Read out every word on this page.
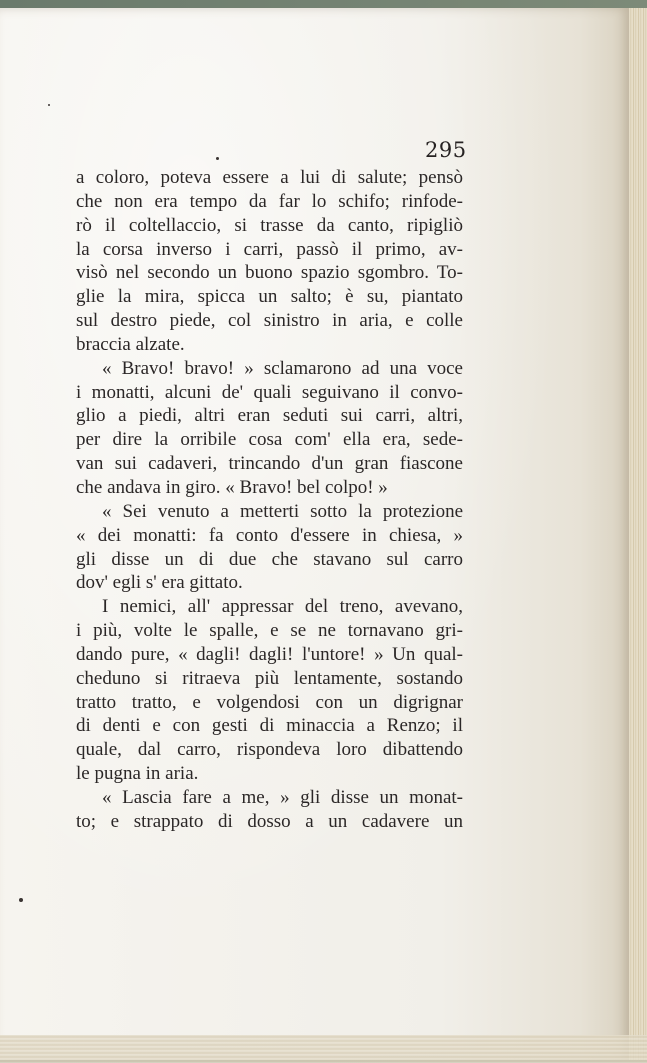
295
a coloro, poteva essere a lui di salute; pensò
che non era tempo da far lo schifo; rinfode-
rò il coltellaccio, si trasse da canto, ripigliò
la corsa inverso i carri, passò il primo, av-
visò nel secondo un buono spazio sgombro. To-
glie la mira, spicca un salto; è su, piantato
sul destro piede, col sinistro in aria, e colle
braccia alzate.
« Bravo! bravo! » sclamarono ad una voce
i monatti, alcuni de' quali seguivano il convo-
glio a piedi, altri eran seduti sui carri, altri,
per dire la orribile cosa com' ella era, sede-
van sui cadaveri, trincando d'un gran fiascone
che andava in giro. « Bravo! bel colpo! »
« Sei venuto a metterti sotto la protezione
« dei monatti: fa conto d'essere in chiesa, »
gli disse un di due che stavano sul carro
dov' egli s' era gittato.
I nemici, all' appressar del treno, avevano,
i più, volte le spalle, e se ne tornavano gri-
dando pure, « dagli! dagli! l'untore! » Un qual-
cheduno si ritraeva più lentamente, sostando
tratto tratto, e volgendosi con un digrignar
di denti e con gesti di minaccia a Renzo; il
quale, dal carro, rispondeva loro dibattendo
le pugna in aria.
« Lascia fare a me, » gli disse un monat-
to; e strappato di dosso a un cadavere un
